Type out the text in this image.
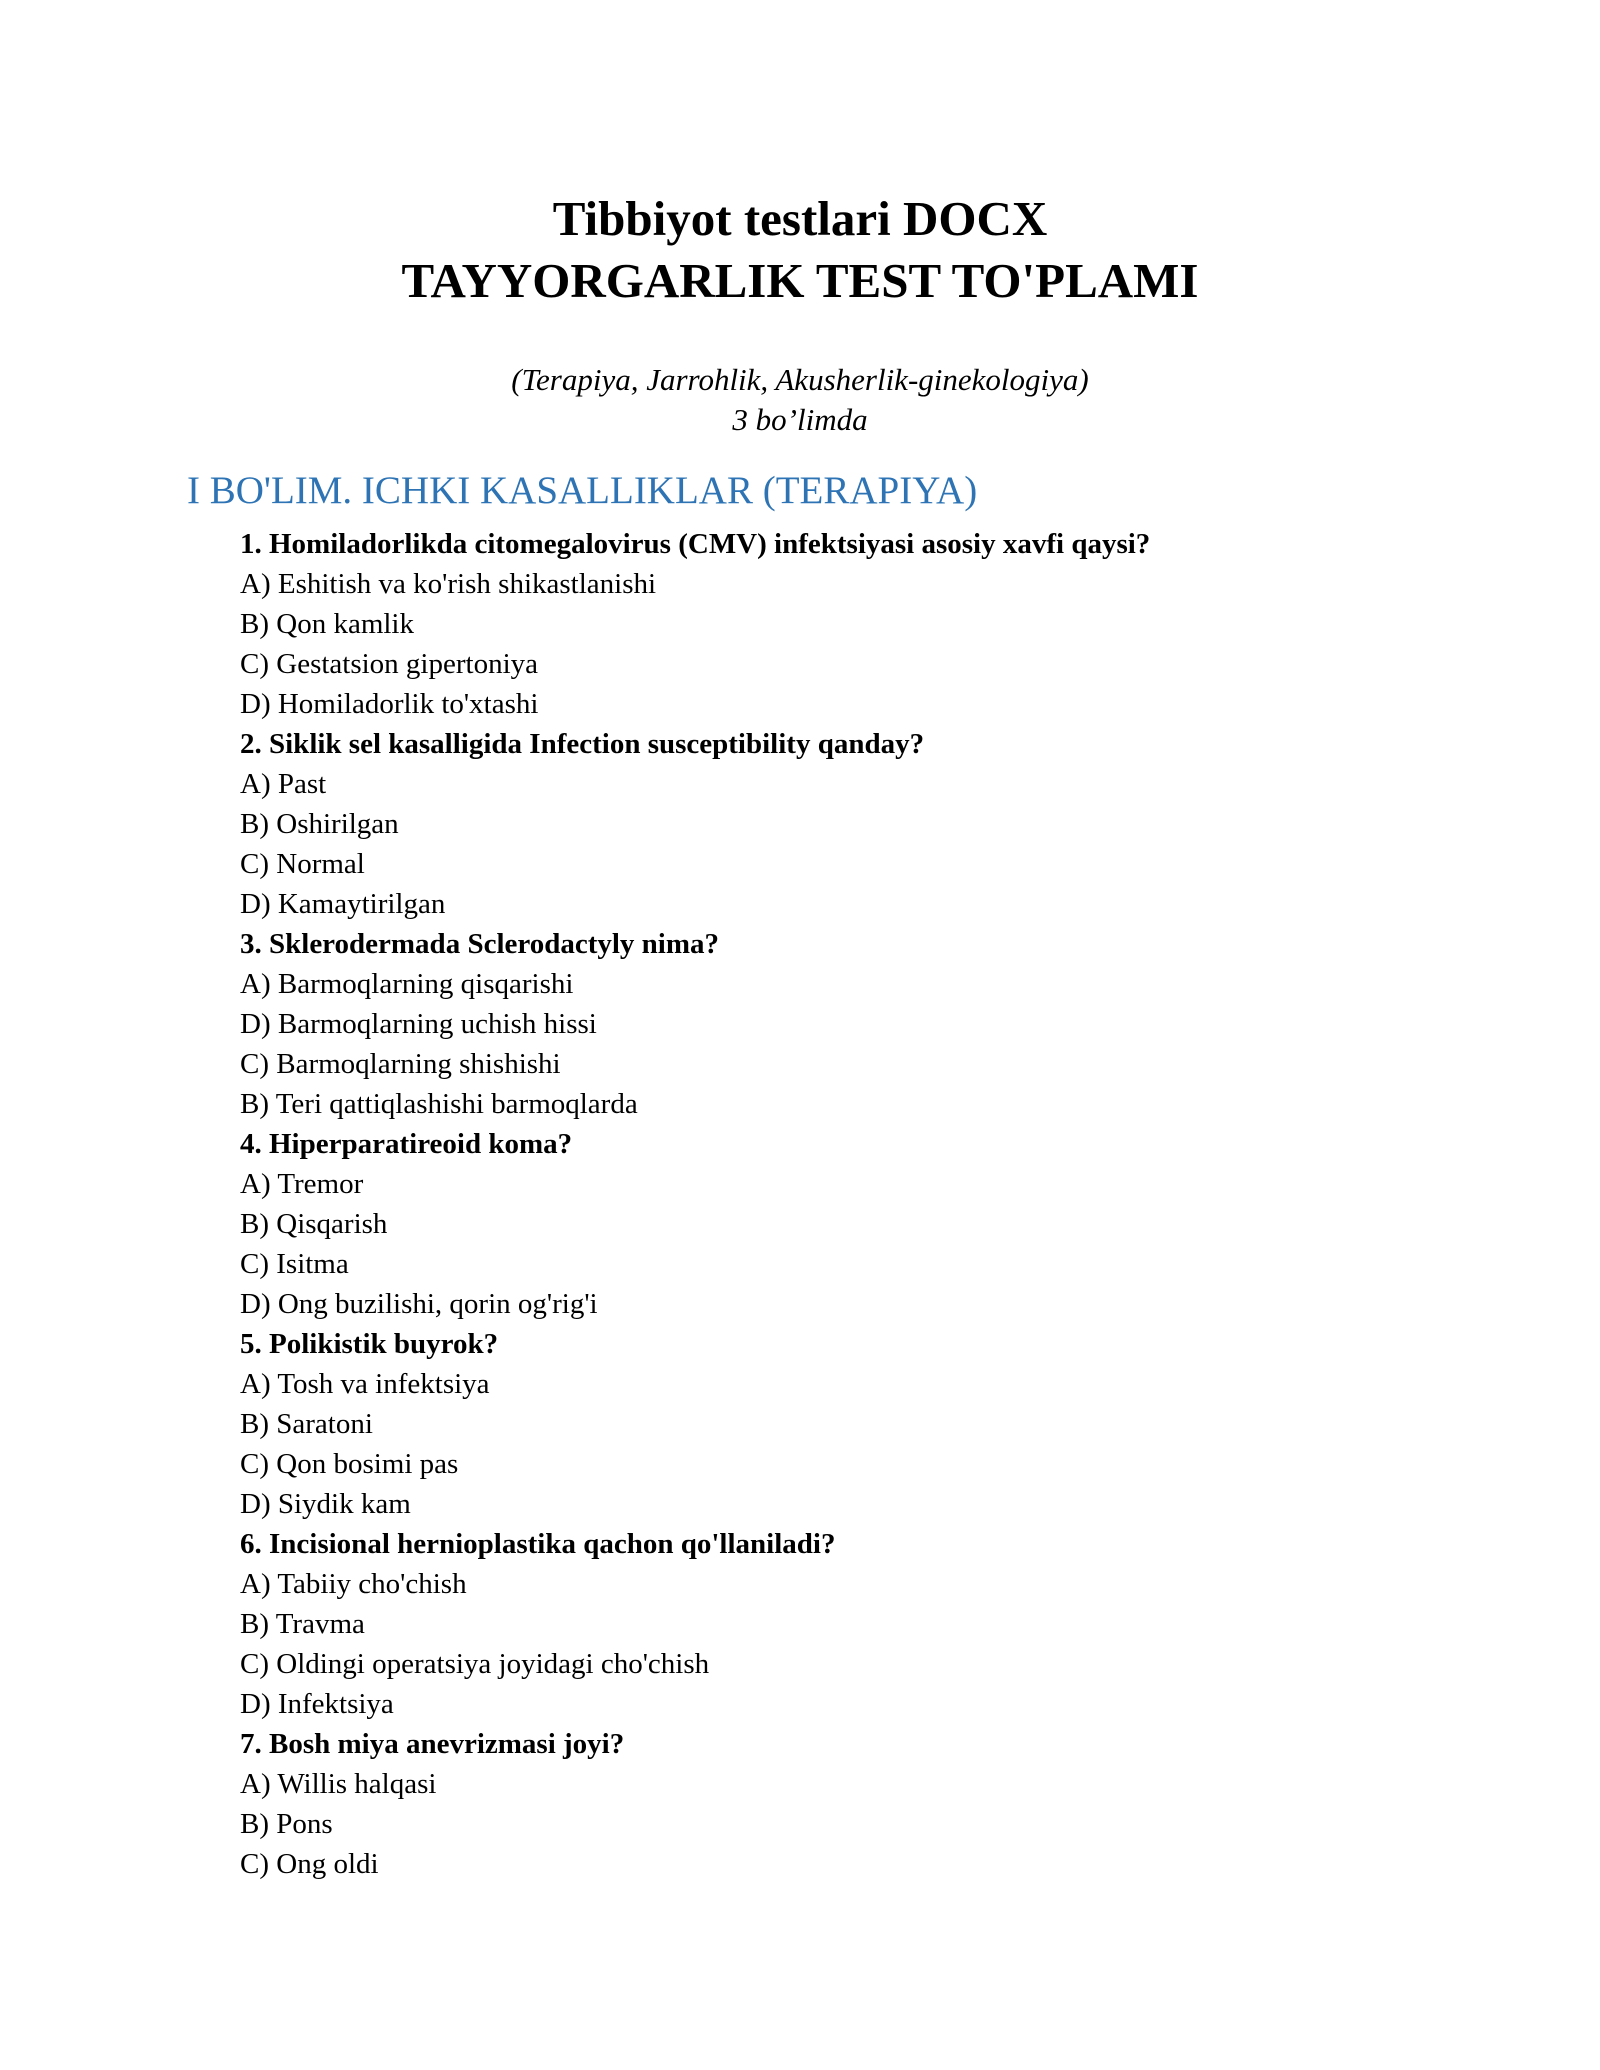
Tibbiyot testlari DOCX
TAYYORGARLIK TEST TO'PLAMI
(Terapiya, Jarrohlik, Akusherlik-ginekologiya)
3 bo’limda
I BO'LIM. ICHKI KASALLIKLAR (TERAPIYA)
1. Homiladorlikda citomegalovirus (CMV) infektsiyasi asosiy xavfi qaysi?
A) Eshitish va ko'rish shikastlanishi
B) Qon kamlik
C) Gestatsion gipertoniya
D) Homiladorlik to'xtashi
2. Siklik sel kasalligida Infection susceptibility qanday?
A) Past
B) Oshirilgan
C) Normal
D) Kamaytirilgan
3. Sklerodermada Sclerodactyly nima?
A) Barmoqlarning qisqarishi
D) Barmoqlarning uchish hissi
C) Barmoqlarning shishishi
B) Teri qattiqlashishi barmoqlarda
4. Hiperparatireoid koma?
A) Tremor
B) Qisqarish
C) Isitma
D) Ong buzilishi, qorin og'rig'i
5. Polikistik buyrok?
A) Tosh va infektsiya
B) Saratoni
C) Qon bosimi pas
D) Siydik kam
6. Incisional hernioplastika qachon qo'llaniladi?
A) Tabiiy cho'chish
B) Travma
C) Oldingi operatsiya joyidagi cho'chish
D) Infektsiya
7. Bosh miya anevrizmasi joyi?
A) Willis halqasi
B) Pons
C) Ong oldi
